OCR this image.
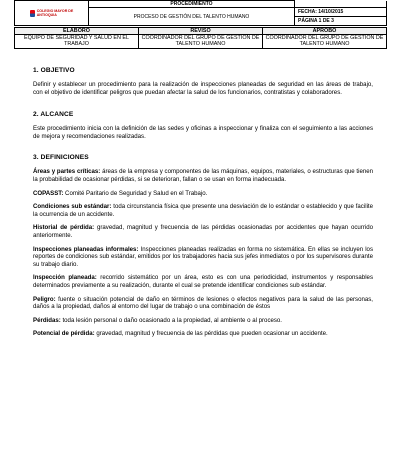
COLEGIO MAYOR DE
ANTIOQUIA	PROCEDIMIENTO	
	PROCESO DE GESTIÓN DEL TALENTO HUMANO	FECHA: 14/10/2015
		PÁGINA 1 DE 3
ELABORO	REVISO	APROBO
EQUIPO DE SEGURIDAD Y SALUD EN EL TRABAJO	COORDINADOR DEL GRUPO DE GESTIÓN DE TALENTO HUMANO	COORDINADOR DEL GRUPO DE GESTIÓN DE TALENTO HUMANO

1. OBJETIVO

Definir y establecer un procedimiento para la realización de inspecciones planeadas de seguridad en las áreas de trabajo, con el objetivo de identificar peligros que puedan afectar la salud de los funcionarios, contratistas y colaboradores.

2. ALCANCE

Este procedimiento inicia con la definición de las sedes y oficinas a inspeccionar y finaliza con el seguimiento a las acciones de mejora y recomendaciones realizadas.

3. DEFINICIONES

Áreas y partes críticas: áreas de la empresa y componentes de las máquinas, equipos, materiales, o estructuras que tienen la probabilidad de ocasionar pérdidas, si se deterioran, fallan o se usan en forma inadecuada.

COPASST: Comité Paritario de Seguridad y Salud en el Trabajo.

Condiciones sub estándar: toda circunstancia física que presente una desviación de lo estándar o establecido y que facilite la ocurrencia de un accidente.

Historial de pérdida: gravedad, magnitud y frecuencia de las pérdidas ocasionadas por accidentes que hayan ocurrido anteriormente.

Inspecciones planeadas informales: Inspecciones planeadas realizadas en forma no sistemática. En ellas se incluyen los reportes de condiciones sub estándar, emitidos por los trabajadores hacia sus jefes inmediatos o por los supervisores durante su trabajo diario.

Inspección planeada: recorrido sistemático por un área, esto es con una periodicidad, instrumentos y responsables determinados previamente a su realización, durante el cual se pretende identificar condiciones sub estándar.

Peligro: fuente o situación potencial de daño en términos de lesiones o efectos negativos para la salud de las personas, daños a la propiedad, daños al entorno del lugar de trabajo o una combinación de éstos

Pérdidas: toda lesión personal o daño ocasionado a la propiedad, al ambiente o al proceso.

Potencial de pérdida: gravedad, magnitud y frecuencia de las pérdidas que pueden ocasionar un accidente.
